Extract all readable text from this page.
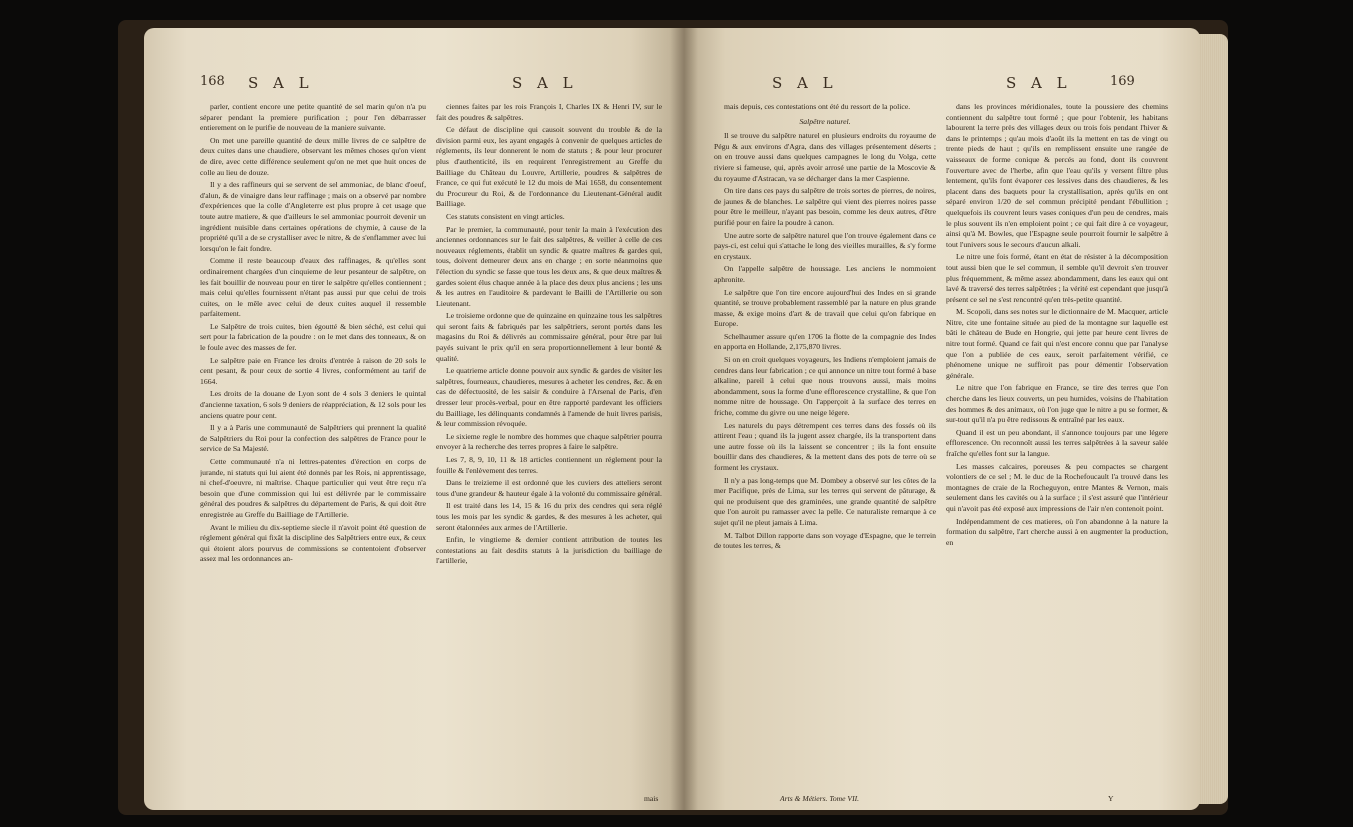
168 S A L	S A L

parler, contient encore une petite quantité de sel marin qu'on n'a pu séparer pendant la premiere purification ; pour l'en débarrasser entierement on le purifie de nouveau de la maniere suivante.

On met une pareille quantité de deux mille livres de ce salpêtre de deux cuites dans une chaudiere, observant les mêmes choses qu'on vient de dire, avec cette différence seulement qu'on ne met que huit onces de colle au lieu de douze.

Il y a des raffineurs qui se servent de sel ammoniac, de blanc d'oeuf, d'alun, & de vinaigre dans leur raffinage ; mais on a observé par nombre d'expériences que la colle d'Angleterre est plus propre à cet usage que toute autre matiere, & que d'ailleurs le sel ammoniac pourroit devenir un ingrédient nuisible dans certaines opérations de chymie, à cause de la propriété qu'il a de se crystalliser avec le nitre, & de s'enflammer avec lui lorsqu'on le fait fondre.

Comme il reste beaucoup d'eaux des raffinages, & qu'elles sont ordinairement chargées d'un cinquieme de leur pesanteur de salpêtre, on les fait bouillir de nouveau pour en tirer le salpêtre qu'elles contiennent ; mais celui qu'elles fournissent n'étant pas aussi pur que celui de trois cuites, on le mêle avec celui de deux cuites auquel il ressemble parfaitement.

Le Salpêtre de trois cuites, bien égoutté & bien séché, est celui qui sert pour la fabrication de la poudre : on le met dans des tonneaux, & on le foule avec des masses de fer.

Le salpêtre paie en France les droits d'entrée à raison de 20 sols le cent pesant, & pour ceux de sortie 4 livres, conformément au tarif de 1664.

Les droits de la douane de Lyon sont de 4 sols 3 deniers le quintal d'ancienne taxation, 6 sols 9 deniers de réappréciation, & 12 sols pour les anciens quatre pour cent.

Il y a à Paris une communauté de Salpêtriers qui prennent la qualité de Salpêtriers du Roi pour la confection des salpêtres de France pour le service de Sa Majesté.

Cette communauté n'a ni lettres-patentes d'érection en corps de jurande, ni statuts qui lui aient été donnés par les Rois, ni apprentissage, ni chef-d'oeuvre, ni maîtrise. Chaque particulier qui veut être reçu n'a besoin que d'une commission qui lui est délivrée par le commissaire général des poudres & salpêtres du département de Paris, & qui doit être enregistrée au Greffe du Bailliage de l'Artillerie.

Avant le milieu du dix-septieme siecle il n'avoit point été question de réglement général qui fixât la discipline des Salpêtriers entre eux, & ceux qui étoient alors pourvus de commissions se contentoient d'observer assez mal les ordonnances an-

ciennes faites par les rois François I, Charles IX & Henri IV, sur le fait des poudres & salpêtres.

Ce défaut de discipline qui causoit souvent du trouble & de la division parmi eux, les ayant engagés à convenir de quelques articles de réglements, ils leur donnerent le nom de statuts ; & pour leur procurer plus d'authenticité, ils en requirent l'enregistrement au Greffe du Bailliage du Château du Louvre, Artillerie, poudres & salpêtres de France, ce qui fut exécuté le 12 du mois de Mai 1658, du consentement du Procureur du Roi, & de l'ordonnance du Lieutenant-Général audit Bailliage.

Ces statuts consistent en vingt articles.

Par le premier, la communauté, pour tenir la main à l'exécution des anciennes ordonnances sur le fait des salpêtres, & veiller à celle de ces nouveaux réglements, établit un syndic & quatre maîtres & gardes qui, tous, doivent demeurer deux ans en charge ; en sorte néanmoins que l'élection du syndic se fasse que tous les deux ans, & que deux maîtres & gardes soient élus chaque année à la place des deux plus anciens ; les uns & les autres en l'auditoire & pardevant le Bailli de l'Artillerie ou son Lieutenant.

Le troisieme ordonne que de quinzaine en quinzaine tous les salpêtres qui seront faits & fabriqués par les salpêtriers, seront portés dans les magasins du Roi & délivrés au commissaire général, pour être par lui payés suivant le prix qu'il en sera proportionnellement à leur bonté & qualité.

Le quatrieme article donne pouvoir aux syndic & gardes de visiter les salpêtres, fourneaux, chaudieres, mesures à acheter les cendres, &c. & en cas de défectuosité, de les saisir & conduire à l'Arsenal de Paris, d'en dresser leur procès-verbal, pour en être rapporté pardevant les officiers du Bailliage, les délinquants condamnés à l'amende de huit livres parisis, & leur commission révoquée.

Le sixieme regle le nombre des hommes que chaque salpêtrier pourra envoyer à la recherche des terres propres à faire le salpêtre.

Les 7, 8, 9, 10, 11 & 18 articles contiennent un réglement pour la fouille & l'enlèvement des terres.

Dans le treizieme il est ordonné que les cuviers des atteliers seront tous d'une grandeur & hauteur égale à la volonté du commissaire général.

Il est traité dans les 14, 15 & 16 du prix des cendres qui sera réglé tous les mois par les syndic & gardes, & des mesures à les acheter, qui seront étalonnées aux armes de l'Artillerie.

Enfin, le vingtieme & dernier contient attribution de toutes les contestations au fait desdits statuts à la jurisdiction du bailliage de l'artillerie,

mais
S A L	S A L	169

mais depuis, ces contestations ont été du ressort de la police.

Salpêtre naturel.

Il se trouve du salpêtre naturel en plusieurs endroits du royaume de Pégu & aux environs d'Agra, dans des villages présentement déserts ; on en trouve aussi dans quelques campagnes le long du Volga, cette riviere si fameuse, qui, après avoir arrosé une partie de la Moscovie & du royaume d'Astracan, va se décharger dans la mer Caspienne.

On tire dans ces pays du salpêtre de trois sortes de pierres, de noires, de jaunes & de blanches. Le salpêtre qui vient des pierres noires passe pour être le meilleur, n'ayant pas besoin, comme les deux autres, d'être purifié pour en faire la poudre à canon.

Une autre sorte de salpêtre naturel que l'on trouve également dans ce pays-ci, est celui qui s'attache le long des vieilles murailles, & s'y forme en crystaux.

On l'appelle salpêtre de houssage. Les anciens le nommoient aphronite.

Le salpêtre que l'on tire encore aujourd'hui des Indes en si grande quantité, se trouve probablement rassemblé par la nature en plus grande masse, & exige moins d'art & de travail que celui qu'on fabrique en Europe.

Schelhaumer assure qu'en 1706 la flotte de la compagnie des Indes en apporta en Hollande, 2,175,870 livres.

Si on en croit quelques voyageurs, les Indiens n'emploient jamais de cendres dans leur fabrication ; ce qui annonce un nitre tout formé à base alkaline, pareil à celui que nous trouvons aussi, mais moins abondamment, sous la forme d'une efflorescence crystalline, & que l'on nomme nitre de houssage. On l'apperçoit à la surface des terres en friche, comme du givre ou une neige légere.

Les naturels du pays détrempent ces terres dans des fossés où ils attirent l'eau ; quand ils la jugent assez chargée, ils la transportent dans une autre fosse où ils la laissent se concentrer ; ils la font ensuite bouillir dans des chaudieres, & la mettent dans des pots de terre où se forment les crystaux.

Il n'y a pas long-temps que M. Dombey a observé sur les côtes de la mer Pacifique, près de Lima, sur les terres qui servent de pâturage, & qui ne produisent que des graminées, une grande quantité de salpêtre que l'on auroit pu ramasser avec la pelle. Ce naturaliste remarque à ce sujet qu'il ne pleut jamais à Lima.

M. Talbot Dillon rapporte dans son voyage d'Espagne, que le terrein de toutes les terres, &

dans les provinces méridionales, toute la poussiere des chemins contiennent du salpêtre tout formé ; que pour l'obtenir, les habitans labourent la terre près des villages deux ou trois fois pendant l'hiver & dans le printemps ; qu'au mois d'août ils la mettent en tas de vingt ou trente pieds de haut ; qu'ils en remplissent ensuite une rangée de vaisseaux de forme conique & percés au fond, dont ils couvrent l'ouverture avec de l'herbe, afin que l'eau qu'ils y versent filtre plus lentement, qu'ils font évaporer ces lessives dans des chaudieres, & les placent dans des baquets pour la crystallisation, après qu'ils en ont séparé environ 1/20 de sel commun précipité pendant l'ébullition ; quelquefois ils couvrent leurs vases coniques d'un peu de cendres, mais le plus souvent ils n'en emploient point ; ce qui fait dire à ce voyageur, ainsi qu'à M. Bowles, que l'Espagne seule pourroit fournir le salpêtre à tout l'univers sous le secours d'aucun alkali.

Le nitre une fois formé, étant en état de résister à la décomposition tout aussi bien que le sel commun, il semble qu'il devroit s'en trouver plus fréquemment, & même assez abondamment, dans les eaux qui ont lavé & traversé des terres salpêtrées ; la vérité est cependant que jusqu'à présent ce sel ne s'est rencontré qu'en très-petite quantité.

M. Scopoli, dans ses notes sur le dictionnaire de M. Macquer, article Nitre, cite une fontaine située au pied de la montagne sur laquelle est bâti le château de Bude en Hongrie, qui jette par heure cent livres de nitre tout formé. Quand ce fait qui n'est encore connu que par l'analyse que l'on a publiée de ces eaux, seroit parfaitement vérifié, ce phénomene unique ne suffiroit pas pour démentir l'observation générale.

Le nitre que l'on fabrique en France, se tire des terres que l'on cherche dans les lieux couverts, un peu humides, voisins de l'habitation des hommes & des animaux, où l'on juge que le nitre a pu se former, & sur-tout qu'il n'a pu être redissous & entraîné par les eaux.

Quand il est un peu abondant, il s'annonce toujours par une légere efflorescence. On reconnoît aussi les terres salpêtrées à la saveur salée fraîche qu'elles font sur la langue.

Les masses calcaires, poreuses & peu compactes se chargent volontiers de ce sel ; M. le duc de la Rochefoucault l'a trouvé dans les montagnes de craie de la Rocheguyon, entre Mantes & Vernon, mais seulement dans les cavités ou à la surface ; il s'est assuré que l'intérieur qui n'avoit pas été exposé aux impressions de l'air n'en contenoit point.

Indépendamment de ces matieres, où l'on abandonne à la nature la formation du salpêtre, l'art cherche aussi à en augmenter la production, en

Arts & Métiers. Tome VII.	Y
